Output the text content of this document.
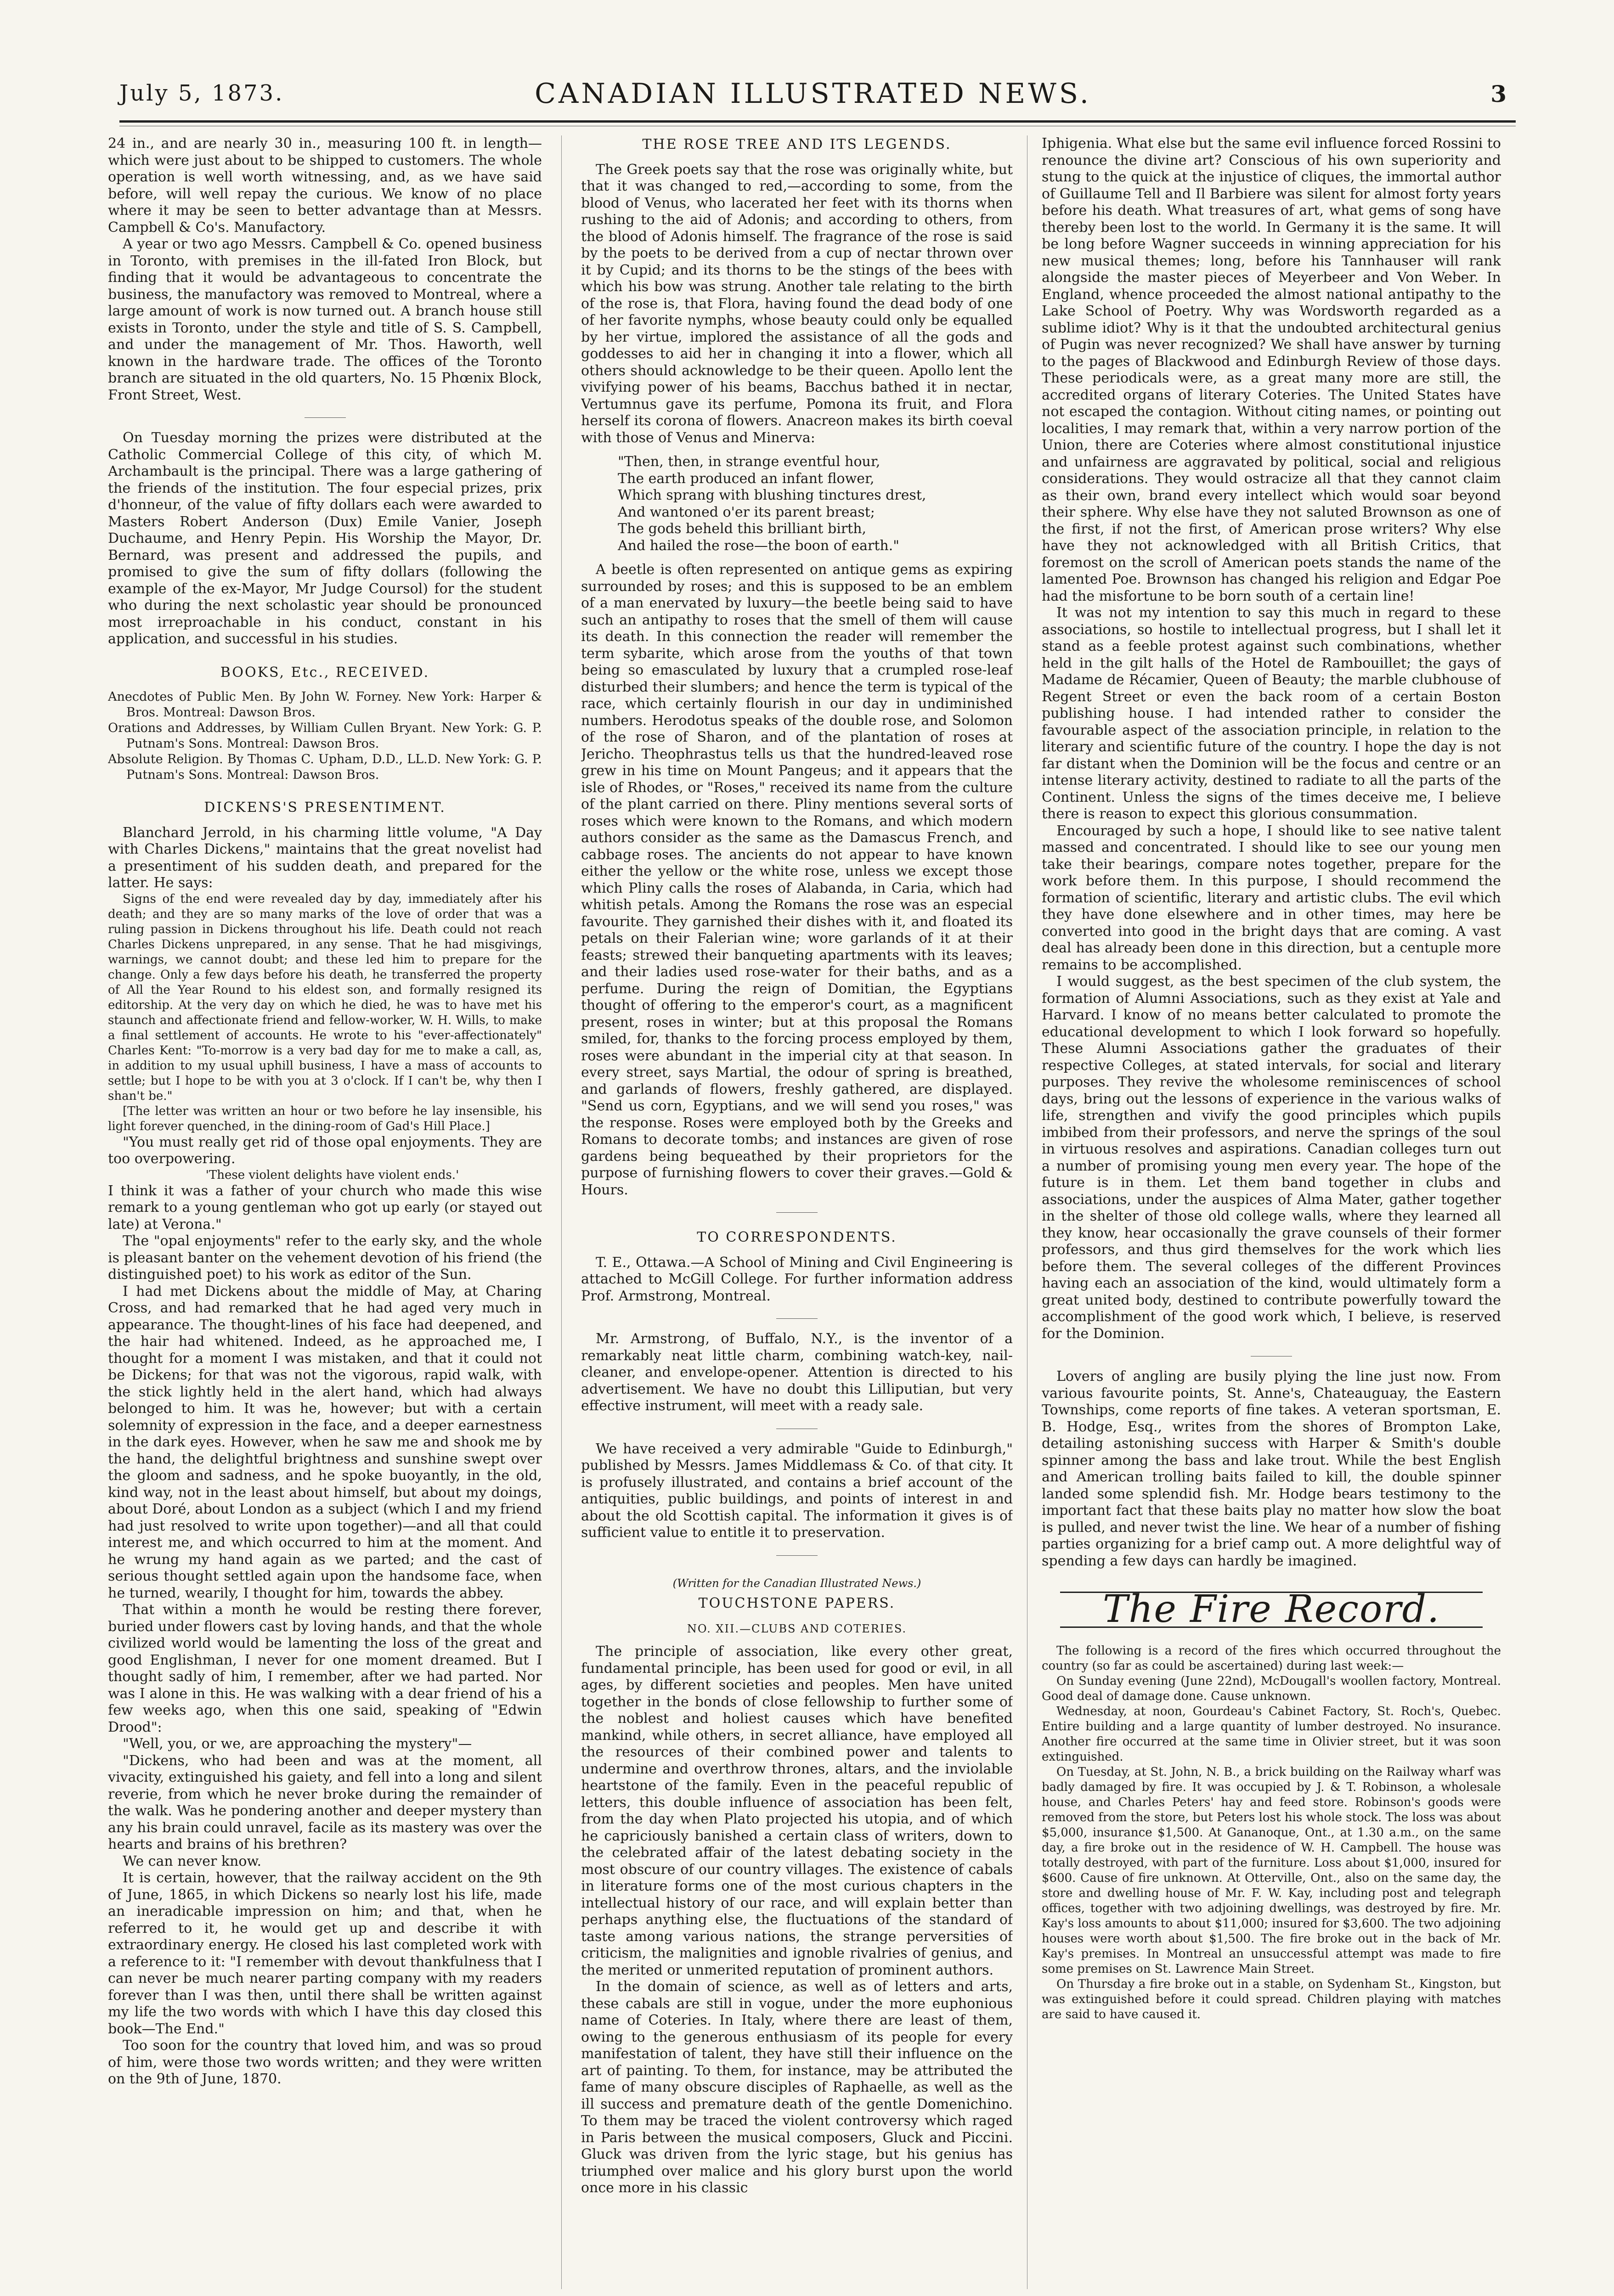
July 5, 1873.	CANADIAN ILLUSTRATED NEWS.	3

24 in., and are nearly 30 in., measuring 100 ft. in length—which were just about to be shipped to customers. The whole operation is well worth witnessing, and, as we have said before, will well repay the curious. We know of no place where it may be seen to better advantage than at Messrs. Campbell & Co's. Manufactory.

A year or two ago Messrs. Campbell & Co. opened business in Toronto, with premises in the ill-fated Iron Block, but finding that it would be advantageous to concentrate the business, the manufactory was removed to Montreal, where a large amount of work is now turned out. A branch house still exists in Toronto, under the style and title of S. S. Campbell, and under the management of Mr. Thos. Haworth, well known in the hardware trade. The offices of the Toronto branch are situated in the old quarters, No. 15 Phœnix Block, Front Street, West.

On Tuesday morning the prizes were distributed at the Catholic Commercial College of this city, of which M. Archambault is the principal. There was a large gathering of the friends of the institution. The four especial prizes, prix d'honneur, of the value of fifty dollars each were awarded to Masters Robert Anderson (Dux) Emile Vanier, Joseph Duchaume, and Henry Pepin. His Worship the Mayor, Dr. Bernard, was present and addressed the pupils, and promised to give the sum of fifty dollars (following the example of the ex-Mayor, Mr Judge Coursol) for the student who during the next scholastic year should be pronounced most irreproachable in his conduct, constant in his application, and successful in his studies.

BOOKS, Etc., RECEIVED.

Anecdotes of Public Men. By John W. Forney. New York: Harper & Bros. Montreal: Dawson Bros.

Orations and Addresses, by William Cullen Bryant. New York: G. P. Putnam's Sons. Montreal: Dawson Bros.

Absolute Religion. By Thomas C. Upham, D.D., LL.D. New York: G. P. Putnam's Sons. Montreal: Dawson Bros.

DICKENS'S PRESENTIMENT.

Blanchard Jerrold, in his charming little volume, "A Day with Charles Dickens," maintains that the great novelist had a presentiment of his sudden death, and prepared for the latter. He says:

Signs of the end were revealed day by day, immediately after his death; and they are so many marks of the love of order that was a ruling passion in Dickens throughout his life. Death could not reach Charles Dickens unprepared, in any sense. That he had misgivings, warnings, we cannot doubt; and these led him to prepare for the change. Only a few days before his death, he transferred the property of All the Year Round to his eldest son, and formally resigned its editorship. At the very day on which he died, he was to have met his staunch and affectionate friend and fellow-worker, W. H. Wills, to make a final settlement of accounts. He wrote to his "ever-affectionately" Charles Kent: "To-morrow is a very bad day for me to make a call, as, in addition to my usual uphill business, I have a mass of accounts to settle; but I hope to be with you at 3 o'clock. If I can't be, why then I shan't be."

[The letter was written an hour or two before he lay insensible, his light forever quenched, in the dining-room of Gad's Hill Place.]

"You must really get rid of those opal enjoyments. They are too overpowering.

'These violent delights have violent ends.'

I think it was a father of your church who made this wise remark to a young gentleman who got up early (or stayed out late) at Verona."

The "opal enjoyments" refer to the early sky, and the whole is pleasant banter on the vehement devotion of his friend (the distinguished poet) to his work as editor of the Sun.

I had met Dickens about the middle of May, at Charing Cross, and had remarked that he had aged very much in appearance. The thought-lines of his face had deepened, and the hair had whitened. Indeed, as he approached me, I thought for a moment I was mistaken, and that it could not be Dickens; for that was not the vigorous, rapid walk, with the stick lightly held in the alert hand, which had always belonged to him. It was he, however; but with a certain solemnity of expression in the face, and a deeper earnestness in the dark eyes. However, when he saw me and shook me by the hand, the delightful brightness and sunshine swept over the gloom and sadness, and he spoke buoyantly, in the old, kind way, not in the least about himself, but about my doings, about Doré, about London as a subject (which I and my friend had just resolved to write upon together)—and all that could interest me, and which occurred to him at the moment. And he wrung my hand again as we parted; and the cast of serious thought settled again upon the handsome face, when he turned, wearily, I thought for him, towards the abbey.

That within a month he would be resting there forever, buried under flowers cast by loving hands, and that the whole civilized world would be lamenting the loss of the great and good Englishman, I never for one moment dreamed. But I thought sadly of him, I remember, after we had parted. Nor was I alone in this. He was walking with a dear friend of his a few weeks ago, when this one said, speaking of "Edwin Drood":

"Well, you, or we, are approaching the mystery"—

"Dickens, who had been and was at the moment, all vivacity, extinguished his gaiety, and fell into a long and silent reverie, from which he never broke during the remainder of the walk. Was he pondering another and deeper mystery than any his brain could unravel, facile as its mastery was over the hearts and brains of his brethren?

We can never know.

It is certain, however, that the railway accident on the 9th of June, 1865, in which Dickens so nearly lost his life, made an ineradicable impression on him; and that, when he referred to it, he would get up and describe it with extraordinary energy. He closed his last completed work with a reference to it: "I remember with devout thankfulness that I can never be much nearer parting company with my readers forever than I was then, until there shall be written against my life the two words with which I have this day closed this book—The End."

Too soon for the country that loved him, and was so proud of him, were those two words written; and they were written on the 9th of June, 1870.

THE ROSE TREE AND ITS LEGENDS.

The Greek poets say that the rose was originally white, but that it was changed to red,—according to some, from the blood of Venus, who lacerated her feet with its thorns when rushing to the aid of Adonis; and according to others, from the blood of Adonis himself. The fragrance of the rose is said by the poets to be derived from a cup of nectar thrown over it by Cupid; and its thorns to be the stings of the bees with which his bow was strung. Another tale relating to the birth of the rose is, that Flora, having found the dead body of one of her favorite nymphs, whose beauty could only be equalled by her virtue, implored the assistance of all the gods and goddesses to aid her in changing it into a flower, which all others should acknowledge to be their queen. Apollo lent the vivifying power of his beams, Bacchus bathed it in nectar, Vertumnus gave its perfume, Pomona its fruit, and Flora herself its corona of flowers. Anacreon makes its birth coeval with those of Venus and Minerva:

"Then, then, in strange eventful hour,
The earth produced an infant flower,
Which sprang with blushing tinctures drest,
And wantoned o'er its parent breast;
The gods beheld this brilliant birth,
And hailed the rose—the boon of earth."

A beetle is often represented on antique gems as expiring surrounded by roses; and this is supposed to be an emblem of a man enervated by luxury—the beetle being said to have such an antipathy to roses that the smell of them will cause its death. In this connection the reader will remember the term sybarite, which arose from the youths of that town being so emasculated by luxury that a crumpled rose-leaf disturbed their slumbers; and hence the term is typical of the race, which certainly flourish in our day in undiminished numbers. Herodotus speaks of the double rose, and Solomon of the rose of Sharon, and of the plantation of roses at Jericho. Theophrastus tells us that the hundred-leaved rose grew in his time on Mount Pangeus; and it appears that the isle of Rhodes, or "Roses," received its name from the culture of the plant carried on there. Pliny mentions several sorts of roses which were known to the Romans, and which modern authors consider as the same as the Damascus French, and cabbage roses. The ancients do not appear to have known either the yellow or the white rose, unless we except those which Pliny calls the roses of Alabanda, in Caria, which had whitish petals. Among the Romans the rose was an especial favourite. They garnished their dishes with it, and floated its petals on their Falerian wine; wore garlands of it at their feasts; strewed their banqueting apartments with its leaves; and their ladies used rose-water for their baths, and as a perfume. During the reign of Domitian, the Egyptians thought of offering to the emperor's court, as a magnificent present, roses in winter; but at this proposal the Romans smiled, for, thanks to the forcing process employed by them, roses were abundant in the imperial city at that season. In every street, says Martial, the odour of spring is breathed, and garlands of flowers, freshly gathered, are displayed. "Send us corn, Egyptians, and we will send you roses," was the response. Roses were employed both by the Greeks and Romans to decorate tombs; and instances are given of rose gardens being bequeathed by their proprietors for the purpose of furnishing flowers to cover their graves.—Gold & Hours.

TO CORRESPONDENTS.

T. E., Ottawa.—A School of Mining and Civil Engineering is attached to McGill College. For further information address Prof. Armstrong, Montreal.

Mr. Armstrong, of Buffalo, N.Y., is the inventor of a remarkably neat little charm, combining watch-key, nail-cleaner, and envelope-opener. Attention is directed to his advertisement. We have no doubt this Lilliputian, but very effective instrument, will meet with a ready sale.

We have received a very admirable "Guide to Edinburgh," published by Messrs. James Middlemass & Co. of that city. It is profusely illustrated, and contains a brief account of the antiquities, public buildings, and points of interest in and about the old Scottish capital. The information it gives is of sufficient value to entitle it to preservation.

(Written for the Canadian Illustrated News.)
TOUCHSTONE PAPERS.
NO. XII.—CLUBS AND COTERIES.

The principle of association, like every other great, fundamental principle, has been used for good or evil, in all ages, by different societies and peoples. Men have united together in the bonds of close fellowship to further some of the noblest and holiest causes which have benefited mankind, while others, in secret alliance, have employed all the resources of their combined power and talents to undermine and overthrow thrones, altars, and the inviolable heartstone of the family. Even in the peaceful republic of letters, this double influence of association has been felt, from the day when Plato projected his utopia, and of which he capriciously banished a certain class of writers, down to the celebrated affair of the latest debating society in the most obscure of our country villages. The existence of cabals in literature forms one of the most curious chapters in the intellectual history of our race, and will explain better than perhaps anything else, the fluctuations of the standard of taste among various nations, the strange perversities of criticism, the malignities and ignoble rivalries of genius, and the merited or unmerited reputation of prominent authors.

In the domain of science, as well as of letters and arts, these cabals are still in vogue, under the more euphonious name of Coteries. In Italy, where there are least of them, owing to the generous enthusiasm of its people for every manifestation of talent, they have still their influence on the art of painting. To them, for instance, may be attributed the fame of many obscure disciples of Raphaelle, as well as the ill success and premature death of the gentle Domenichino. To them may be traced the violent controversy which raged in Paris between the musical composers, Gluck and Piccini. Gluck was driven from the lyric stage, but his genius has triumphed over malice and his glory burst upon the world once more in his classic

Iphigenia. What else but the same evil influence forced Rossini to renounce the divine art? Conscious of his own superiority and stung to the quick at the injustice of cliques, the immortal author of Guillaume Tell and Il Barbiere was silent for almost forty years before his death. What treasures of art, what gems of song have thereby been lost to the world. In Germany it is the same. It will be long before Wagner succeeds in winning appreciation for his new musical themes; long, before his Tannhauser will rank alongside the master pieces of Meyerbeer and Von Weber. In England, whence proceeded the almost national antipathy to the Lake School of Poetry. Why was Wordsworth regarded as a sublime idiot? Why is it that the undoubted architectural genius of Pugin was never recognized? We shall have answer by turning to the pages of Blackwood and Edinburgh Review of those days. These periodicals were, as a great many more are still, the accredited organs of literary Coteries. The United States have not escaped the contagion. Without citing names, or pointing out localities, I may remark that, within a very narrow portion of the Union, there are Coteries where almost constitutional injustice and unfairness are aggravated by political, social and religious considerations. They would ostracize all that they cannot claim as their own, brand every intellect which would soar beyond their sphere. Why else have they not saluted Brownson as one of the first, if not the first, of American prose writers? Why else have they not acknowledged with all British Critics, that foremost on the scroll of American poets stands the name of the lamented Poe. Brownson has changed his religion and Edgar Poe had the misfortune to be born south of a certain line!

It was not my intention to say this much in regard to these associations, so hostile to intellectual progress, but I shall let it stand as a feeble protest against such combinations, whether held in the gilt halls of the Hotel de Rambouillet; the gays of Madame de Récamier, Queen of Beauty; the marble clubhouse of Regent Street or even the back room of a certain Boston publishing house. I had intended rather to consider the favourable aspect of the association principle, in relation to the literary and scientific future of the country. I hope the day is not far distant when the Dominion will be the focus and centre or an intense literary activity, destined to radiate to all the parts of the Continent. Unless the signs of the times deceive me, I believe there is reason to expect this glorious consummation.

Encouraged by such a hope, I should like to see native talent massed and concentrated. I should like to see our young men take their bearings, compare notes together, prepare for the work before them. In this purpose, I should recommend the formation of scientific, literary and artistic clubs. The evil which they have done elsewhere and in other times, may here be converted into good in the bright days that are coming. A vast deal has already been done in this direction, but a centuple more remains to be accomplished.

I would suggest, as the best specimen of the club system, the formation of Alumni Associations, such as they exist at Yale and Harvard. I know of no means better calculated to promote the educational development to which I look forward so hopefully. These Alumni Associations gather the graduates of their respective Colleges, at stated intervals, for social and literary purposes. They revive the wholesome reminiscences of school days, bring out the lessons of experience in the various walks of life, strengthen and vivify the good principles which pupils imbibed from their professors, and nerve the springs of the soul in virtuous resolves and aspirations. Canadian colleges turn out a number of promising young men every year. The hope of the future is in them. Let them band together in clubs and associations, under the auspices of Alma Mater, gather together in the shelter of those old college walls, where they learned all they know, hear occasionally the grave counsels of their former professors, and thus gird themselves for the work which lies before them. The several colleges of the different Provinces having each an association of the kind, would ultimately form a great united body, destined to contribute powerfully toward the accomplishment of the good work which, I believe, is reserved for the Dominion.

Lovers of angling are busily plying the line just now. From various favourite points, St. Anne's, Chateauguay, the Eastern Townships, come reports of fine takes. A veteran sportsman, E. B. Hodge, Esq., writes from the shores of Brompton Lake, detailing astonishing success with Harper & Smith's double spinner among the bass and lake trout. While the best English and American trolling baits failed to kill, the double spinner landed some splendid fish. Mr. Hodge bears testimony to the important fact that these baits play no matter how slow the boat is pulled, and never twist the line. We hear of a number of fishing parties organizing for a brief camp out. A more delightful way of spending a few days can hardly be imagined.

The Fire Record.

The following is a record of the fires which occurred throughout the country (so far as could be ascertained) during last week:—

On Sunday evening (June 22nd), McDougall's woollen factory, Montreal. Good deal of damage done. Cause unknown.

Wednesday, at noon, Gourdeau's Cabinet Factory, St. Roch's, Quebec. Entire building and a large quantity of lumber destroyed. No insurance. Another fire occurred at the same time in Olivier street, but it was soon extinguished.

On Tuesday, at St. John, N. B., a brick building on the Railway wharf was badly damaged by fire. It was occupied by J. & T. Robinson, a wholesale house, and Charles Peters' hay and feed store. Robinson's goods were removed from the store, but Peters lost his whole stock. The loss was about $5,000, insurance $1,500. At Gananoque, Ont., at 1.30 a.m., on the same day, a fire broke out in the residence of W. H. Campbell. The house was totally destroyed, with part of the furniture. Loss about $1,000, insured for $600. Cause of fire unknown. At Otterville, Ont., also on the same day, the store and dwelling house of Mr. F. W. Kay, including post and telegraph offices, together with two adjoining dwellings, was destroyed by fire. Mr. Kay's loss amounts to about $11,000; insured for $3,600. The two adjoining houses were worth about $1,500. The fire broke out in the back of Mr. Kay's premises. In Montreal an unsuccessful attempt was made to fire some premises on St. Lawrence Main Street.

On Thursday a fire broke out in a stable, on Sydenham St., Kingston, but was extinguished before it could spread. Children playing with matches are said to have caused it.
